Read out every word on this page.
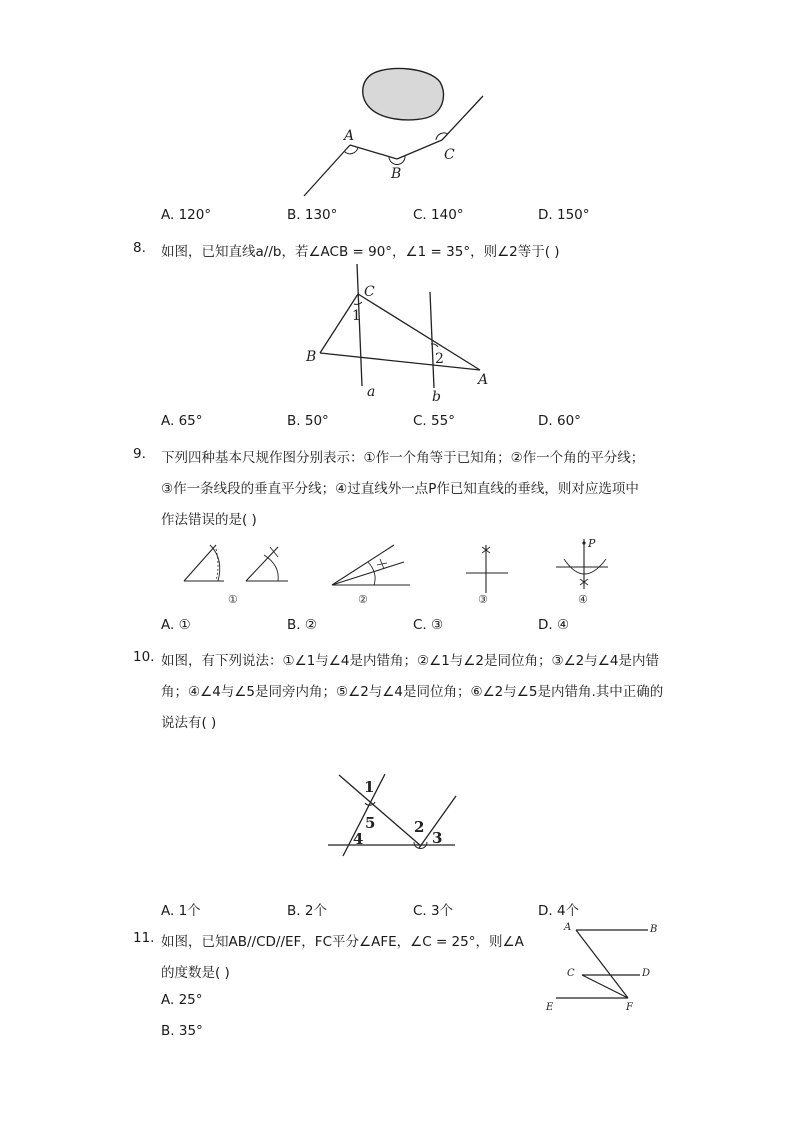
A
B
C
A. 120°	B. 130°	C. 140°	D. 150°
8. 如图，已知直线a//b，若∠ACB = 90°，∠1 = 35°，则∠2等于( )
C
1
B	2
A
a	b
A. 65°	B. 50°	C. 55°	D. 60°
9. 下列四种基本尺规作图分别表示：①作一个角等于已知角；②作一个角的平分线；
③作一条线段的垂直平分线；④过直线外一点P作已知直线的垂线，则对应选项中
作法错误的是( )
①	②	③
P
④
A. ①	B. ②	C. ③	D. ④
10. 如图，有下列说法：①∠1与∠4是内错角；②∠1与∠2是同位角；③∠2与∠4是内错
角；④∠4与∠5是同旁内角；⑤∠2与∠4是同位角；⑥∠2与∠5是内错角.其中正确的
说法有( )
1
5
4
2
3
A. 1个	B. 2个	C. 3个	D. 4个
11. 如图，已知AB//CD//EF，FC平分∠AFE，∠C = 25°，则∠A
的度数是( )
A	B
C	D
E	F
A. 25°
B. 35°
